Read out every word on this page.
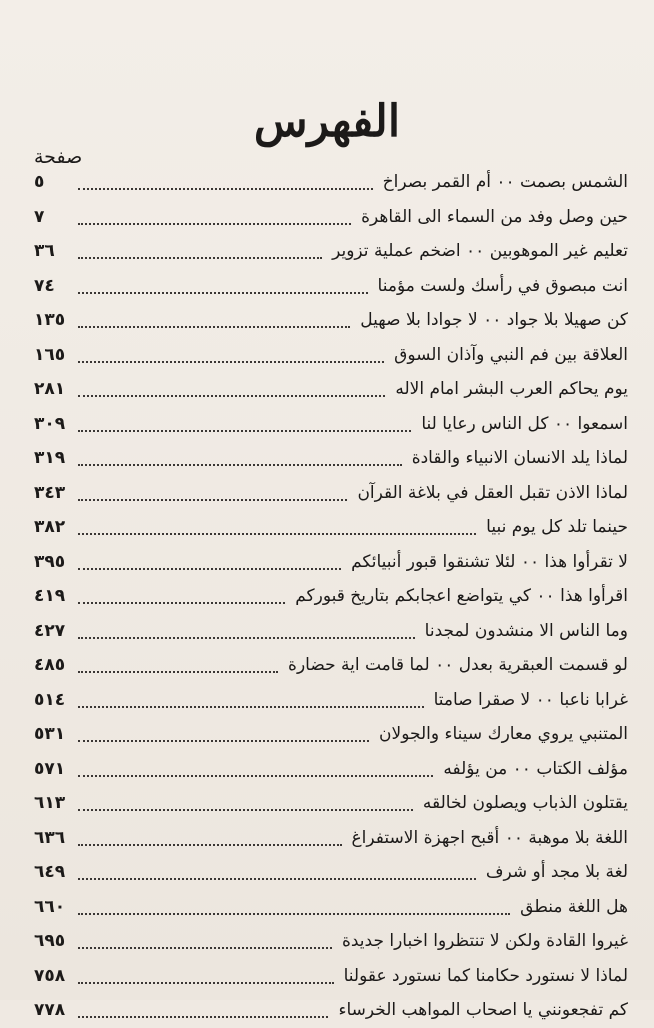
الفهرس
صفحة
الشمس بصمت ٠٠ أم القمر بصراخ
٥
حين وصل وفد من السماء الى القاهرة
٧
تعليم غير الموهوبين ٠٠ اضخم عملية تزوير
٣٦
انت مبصوق في رأسك ولست مؤمنا
٧٤
كن صهيلا بلا جواد ٠٠ لا جوادا بلا صهيل
١٣٥
العلاقة بين فم النبي وآذان السوق
١٦٥
يوم يحاكم العرب البشر امام الاله
٢٨١
اسمعوا ٠٠ كل الناس رعايا لنا
٣٠٩
لماذا يلد الانسان الانبياء والقادة
٣١٩
لماذا الاذن تقبل العقل في بلاغة القرآن
٣٤٣
حينما تلد كل يوم نبيا
٣٨٢
لا تقرأوا هذا ٠٠ لئلا تشنقوا قبور أنبيائكم
٣٩٥
اقرأوا هذا ٠٠ كي يتواضع اعجابكم بتاريخ قبوركم
٤١٩
وما الناس الا منشدون لمجدنا
٤٢٧
لو قسمت العبقرية بعدل ٠٠ لما قامت اية حضارة
٤٨٥
غرابا ناعبا ٠٠ لا صقرا صامتا
٥١٤
المتنبي يروي معارك سيناء والجولان
٥٣١
مؤلف الكتاب ٠٠ من يؤلفه
٥٧١
يقتلون الذباب ويصلون لخالقه
٦١٣
اللغة بلا موهبة ٠٠ أقبح اجهزة الاستفراغ
٦٣٦
لغة بلا مجد أو شرف
٦٤٩
هل اللغة منطق
٦٦٠
غيروا القادة ولكن لا تنتظروا اخبارا جديدة
٦٩٥
لماذا لا نستورد حكامنا كما نستورد عقولنا
٧٥٨
كم تفجعونني يا اصحاب المواهب الخرساء
٧٧٨
